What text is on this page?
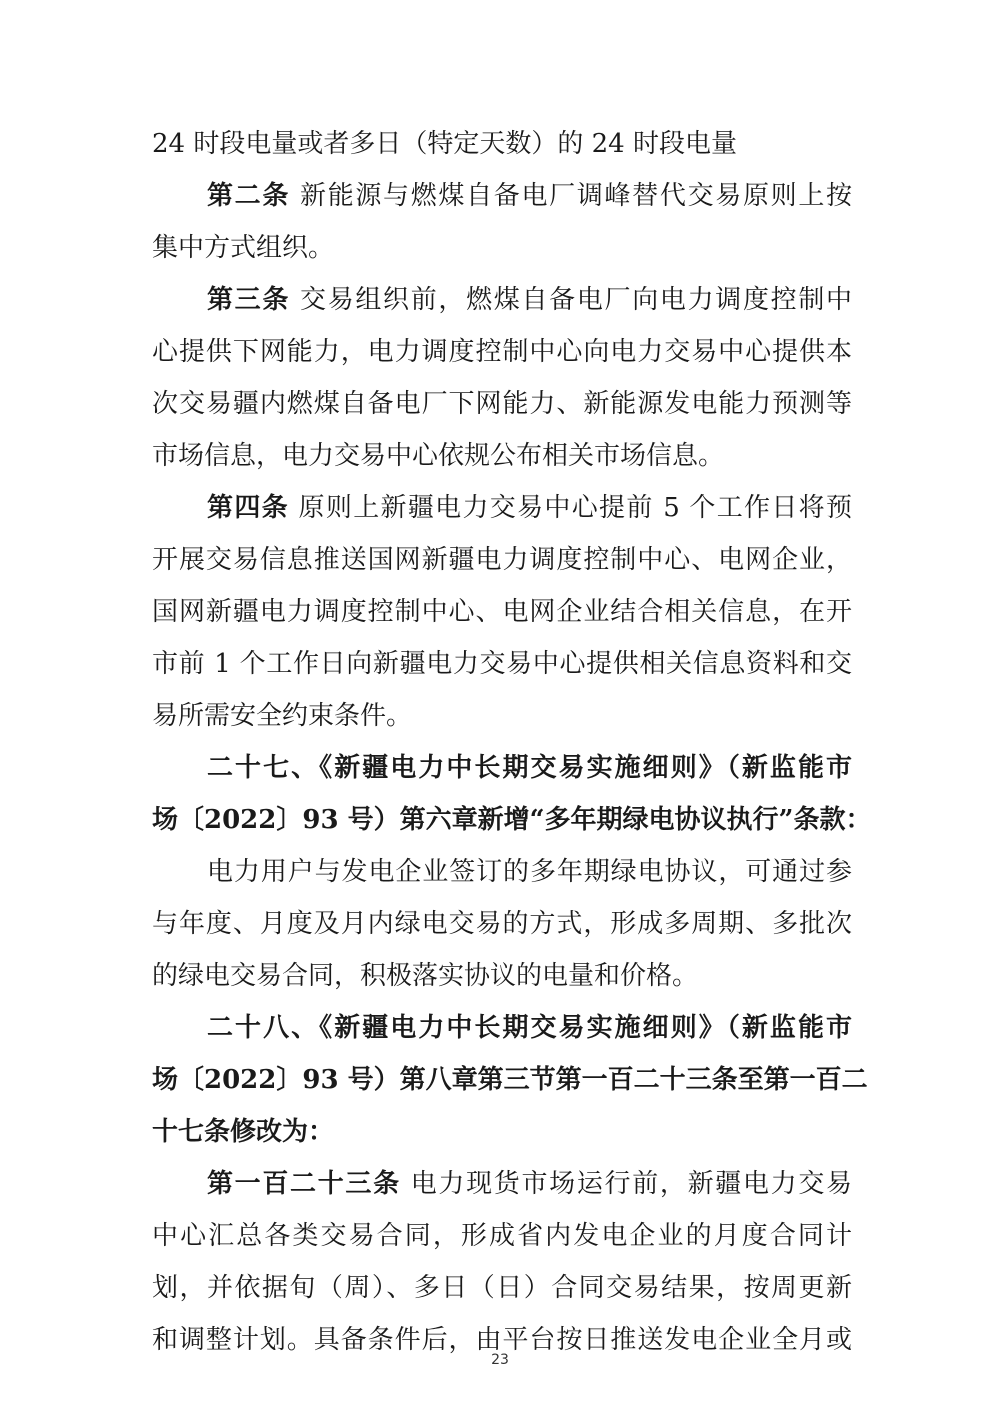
24 时段电量或者多日（特定天数）的 24 时段电量
第二条 新能源与燃煤自备电厂调峰替代交易原则上按
集中方式组织。
第三条 交易组织前，燃煤自备电厂向电力调度控制中
心提供下网能力，电力调度控制中心向电力交易中心提供本
次交易疆内燃煤自备电厂下网能力、新能源发电能力预测等
市场信息，电力交易中心依规公布相关市场信息。
第四条 原则上新疆电力交易中心提前 5 个工作日将预
开展交易信息推送国网新疆电力调度控制中心、电网企业，
国网新疆电力调度控制中心、电网企业结合相关信息，在开
市前 1 个工作日向新疆电力交易中心提供相关信息资料和交
易所需安全约束条件。
二十七、《新疆电力中长期交易实施细则》（新监能市
场〔2022〕93 号）第六章新增“多年期绿电协议执行”条款：
电力用户与发电企业签订的多年期绿电协议，可通过参
与年度、月度及月内绿电交易的方式，形成多周期、多批次
的绿电交易合同，积极落实协议的电量和价格。
二十八、《新疆电力中长期交易实施细则》（新监能市
场〔2022〕93 号）第八章第三节第一百二十三条至第一百二
十七条修改为：
第一百二十三条 电力现货市场运行前，新疆电力交易
中心汇总各类交易合同，形成省内发电企业的月度合同计
划，并依据旬（周）、多日（日）合同交易结果，按周更新
和调整计划。具备条件后，由平台按日推送发电企业全月或
23
